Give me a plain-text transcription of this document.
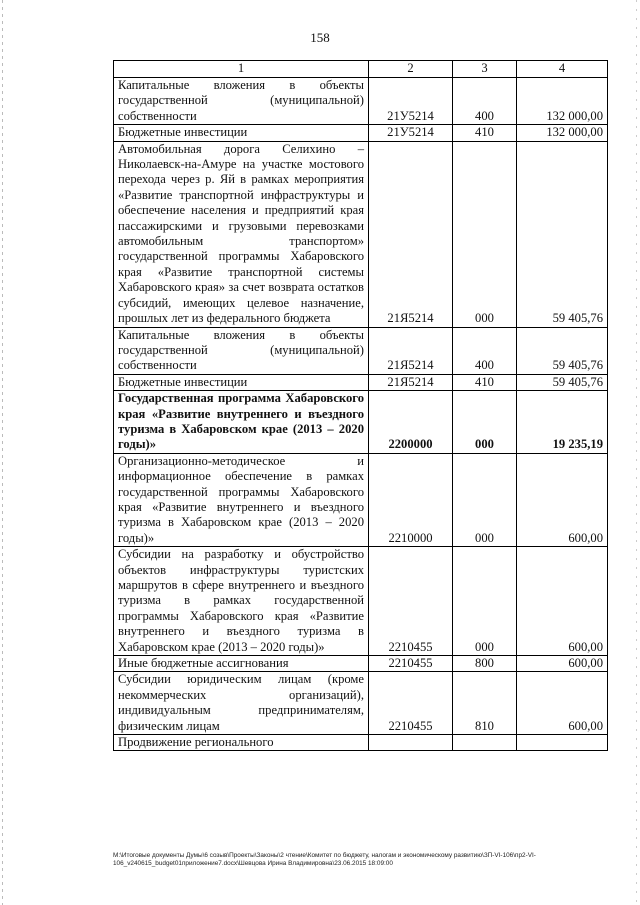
158
1	2	3	4
Капитальные вложения в объекты государственной (муниципальной) собственности	21У5214	400	132 000,00
Бюджетные инвестиции	21У5214	410	132 000,00
Автомобильная дорога Селихино – Николаевск-на-Амуре на участке мостового перехода через р. Яй в рамках мероприятия «Развитие транспортной инфраструктуры и обеспечение населения и предприятий края пассажирскими и грузовыми перевозками автомобильным транспортом» государственной программы Хабаровского края «Развитие транспортной системы Хабаровского края» за счет возврата остатков субсидий, имеющих целевое назначение, прошлых лет из федерального бюджета	21Я5214	000	59 405,76
Капитальные вложения в объекты государственной (муниципальной) собственности	21Я5214	400	59 405,76
Бюджетные инвестиции	21Я5214	410	59 405,76
Государственная программа Хабаровского края «Развитие внутреннего и въездного туризма в Хабаровском крае (2013 – 2020 годы)»	2200000	000	19 235,19
Организационно-методическое и информационное обеспечение в рамках государственной программы Хабаровского края «Развитие внутреннего и въездного туризма в Хабаровском крае (2013 – 2020 годы)»	2210000	000	600,00
Субсидии на разработку и обустройство объектов инфраструктуры туристских маршрутов в сфере внутреннего и въездного туризма в рамках государственной программы Хабаровского края «Развитие внутреннего и въездного туризма в Хабаровском крае (2013 – 2020 годы)»	2210455	000	600,00
Иные бюджетные ассигнования	2210455	800	600,00
Субсидии юридическим лицам (кроме некоммерческих организаций), индивидуальным предпринимателям, физическим лицам	2210455	810	600,00
Продвижение регионального			
M:\Итоговые документы Думы\6 созыв\Проекты\Законы\2 чтение\Комитет по бюджету, налогам и экономическому развитию\ЗП-VI-106\пр2-VI-106_v240615_budget01приложение7.docx\Шевцова Ирина Владимировна\23.06.2015 18:09:00
